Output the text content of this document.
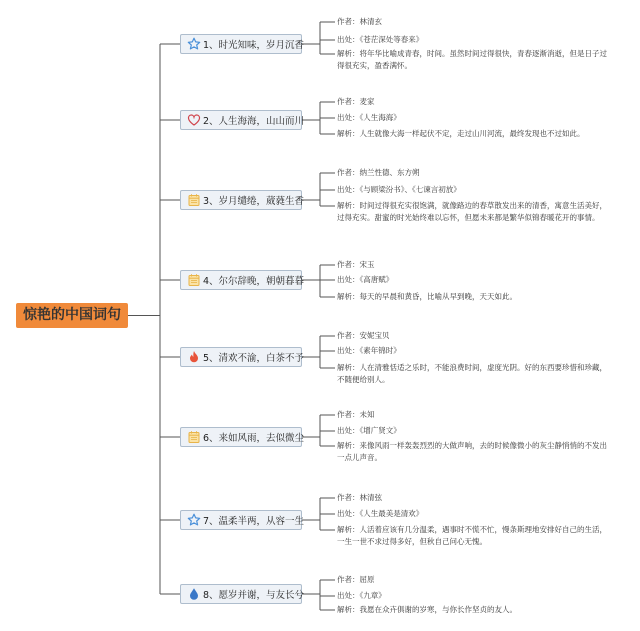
惊艳的中国词句
1、 时光知味，岁月沉香
作者：林清玄
出处：《苍茫深处等春来》
解析：将年华比喻成青春，时间。虽然时间过得很快，青春逐渐消逝，但是日子过得很充实，盈香满怀。
2、 人生海海，山山而川
作者：麦家
出处：《人生海海》
解析：人生就像大海一样起伏不定，走过山川河流，最终发现也不过如此。
3、 岁月缱绻，葳蕤生香
作者：纳兰性德、东方朔
出处：《与顾梁汾书》、《七谏言初放》
解析：时间过得很充实很饱满，就像路边的春草散发出来的清香，寓意生活美好，过得充实。甜蜜的时光始终难以忘怀，但愿未来都是繁华似锦春暖花开的事情。
4、 尔尔辞晚，朝朝暮暮
作者：宋玉
出处：《高唐赋》
解析：每天的早晨和黄昏，比喻从早到晚，天天如此。
5、 清欢不渝，白茶不予
作者：安妮宝贝
出处：《素年锦时》
解析：人在清雅恬适之乐时，不能浪费时间，虚度光阴。好的东西要珍惜和珍藏，不随便给别人。
6、 来如风雨，去似微尘
作者：未知
出处：《增广贤文》
解析：来像风雨一样轰轰烈烈的大做声响，去的时候像微小的灰尘静悄悄的不发出一点儿声音。
7、 温柔半两，从容一生
作者：林清弦
出处：《人生最美是清欢》
解析：人活着应该有几分温柔，遇事时不慌不忙，慢条斯理地安排好自己的生活，一生一世不求过得多好，但秋自己问心无愧。
8、 愿岁并谢，与友长兮
作者：屈原
出处：《九章》
解析：我愿在众卉俱谢的岁寒，与你长作坚贞的友人。
